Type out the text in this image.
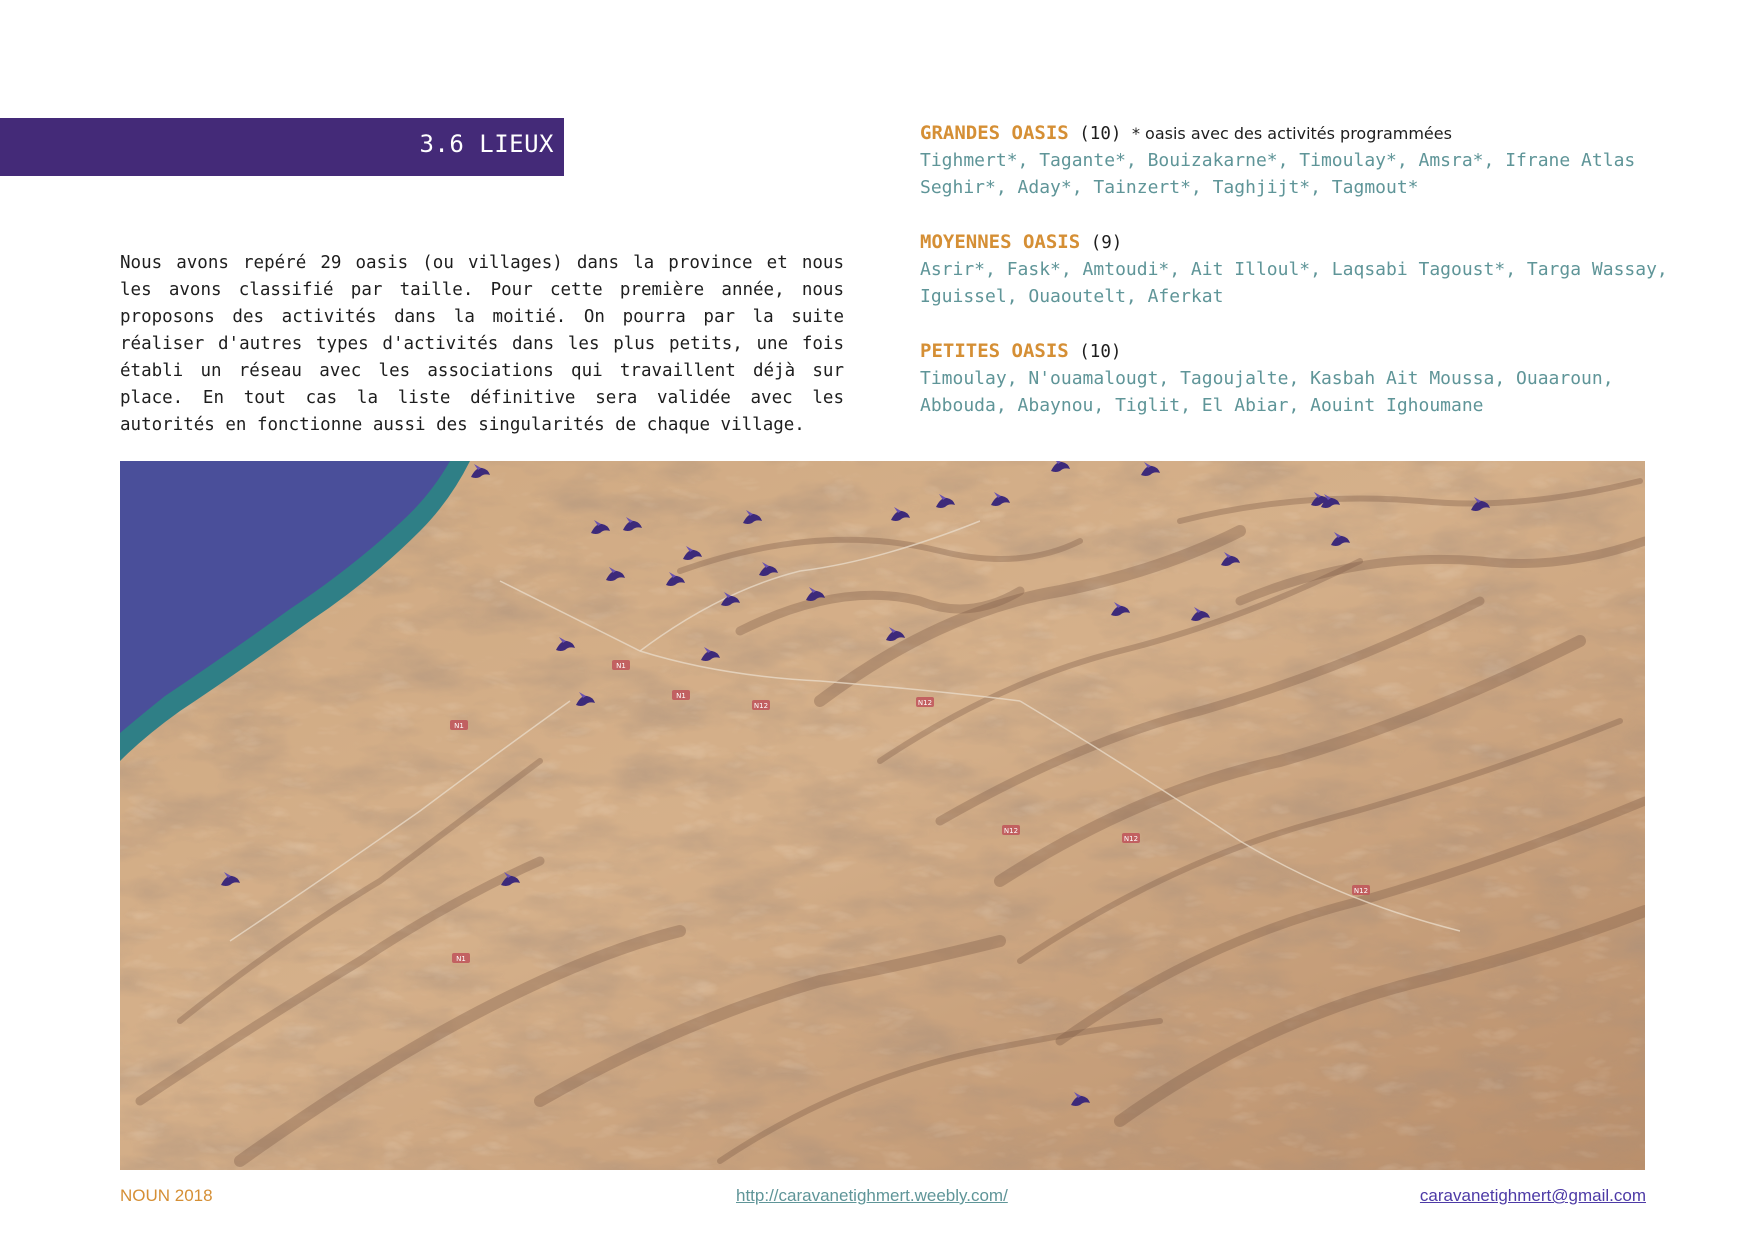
3.6 LIEUX

Nous avons repéré 29 oasis (ou villages) dans la province et nous les avons classifié par taille. Pour cette première année, nous proposons des activités dans la moitié. On pourra par la suite réaliser d'autres types d'activités dans les plus petits, une fois établi un réseau avec les associations qui travaillent déjà sur place. En tout cas la liste définitive sera validée avec les autorités en fonctionne aussi des singularités de chaque village.

GRANDES OASIS (10) * oasis avec des activités programmées
Tighmert*, Tagante*, Bouizakarne*, Timoulay*, Amsra*, Ifrane Atlas Seghir*, Aday*, Tainzert*, Taghjijt*, Tagmout*
MOYENNES OASIS (9)
Asrir*, Fask*, Amtoudi*, Ait Illoul*, Laqsabi Tagoust*, Targa Wassay, Iguissel, Ouaoutelt, Aferkat
PETITES OASIS (10)
Timoulay, N'ouamalougt, Tagoujalte, Kasbah Ait Moussa, Ouaaroun, Abbouda, Abaynou, Tiglit, El Abiar, Aouint Ighoumane
N1
N1
N1
N12	N12
N12
N12
N12
N1
NOUN 2018	http://caravanetighmert.weebly.com/	caravanetighmert@gmail.com
